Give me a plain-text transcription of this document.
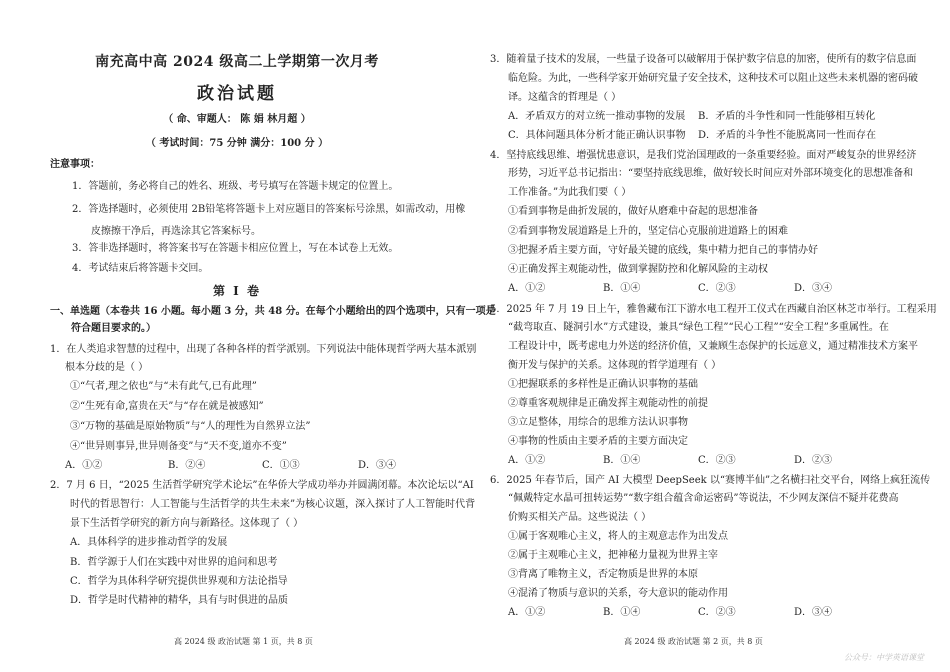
南充高中高 2024 级高二上学期第一次月考
政治试题
（ 命、审题人： 陈 娟 林月超 ）
（ 考试时间：75 分钟 满分：100 分 ）
注意事项：
1．答题前，务必将自己的姓名、班级、考号填写在答题卡规定的位置上。
2．答选择题时，必须使用 2B铅笔将答题卡上对应题目的答案标号涂黑，如需改动，用橡
皮擦擦干净后，再选涂其它答案标号。
3．答非选择题时，将答案书写在答题卡相应位置上，写在本试卷上无效。
4．考试结束后将答题卡交回。
第 Ⅰ 卷
一、单选题（本卷共 16 小题。每小题 3 分，共 48 分。在每个小题给出的四个选项中，只有一项是
符合题目要求的。）
1．在人类追求智慧的过程中，出现了各种各样的哲学派别。下列说法中能体现哲学两大基本派别
根本分歧的是（ ）
①“气者,理之依也”与“未有此气,已有此理”
②“生死有命,富贵在天”与“存在就是被感知”
③“万物的基础是原始物质”与“人的理性为自然界立法”
④“世异则事异,世异则备变”与“天不变,道亦不变”
A．①②	B．②④	C．①③	D．③④
2．7 月 6 日，“2025 生活哲学研究学术论坛”在华侨大学成功举办并圆满闭幕。本次论坛以“AI
时代的哲思智行：人工智能与生活哲学的共生未来”为核心议题，深入探讨了人工智能时代背
景下生活哲学研究的新方向与新路径。这体现了（ ）
A．具体科学的进步推动哲学的发展
B．哲学源于人们在实践中对世界的追问和思考
C．哲学为具体科学研究提供世界观和方法论指导
D．哲学是时代精神的精华，具有与时俱进的品质
高 2024 级 政治试题 第 1 页，共 8 页
3．随着量子技术的发展，一些量子设备可以破解用于保护数字信息的加密，使所有的数字信息面
临危险。为此，一些科学家开始研究量子安全技术，这种技术可以阻止这些未来机器的密码破
译。这蕴含的哲理是（ ）
A．矛盾双方的对立统一推动事物的发展 B．矛盾的斗争性和同一性能够相互转化
C．具体问题具体分析才能正确认识事物 D．矛盾的斗争性不能脱离同一性而存在
4．坚持底线思维、增强忧患意识，是我们党治国理政的一条重要经验。面对严峻复杂的世界经济
形势，习近平总书记指出：“要坚持底线思维，做好较长时间应对外部环境变化的思想准备和
工作准备。”为此我们要（ ）
①看到事物是曲折发展的，做好从磨难中奋起的思想准备
②看到事物发展道路是上升的，坚定信心克服前进道路上的困难
③把握矛盾主要方面，守好最关键的底线，集中精力把自己的事情办好
④正确发挥主观能动性，做到掌握防控和化解风险的主动权
A．①②	B．①④	C．②③	D．③④
5．2025 年 7 月 19 日上午，雅鲁藏布江下游水电工程开工仪式在西藏自治区林芝市举行。工程采用
“截弯取直、隧洞引水”方式建设，兼具“绿色工程”“民心工程”“安全工程”多重属性。在
工程设计中，既考虑电力外送的经济价值，又兼顾生态保护的长远意义，通过精准技术方案平
衡开发与保护的关系。这体现的哲学道理有（ ）
①把握联系的多样性是正确认识事物的基础
②尊重客观规律是正确发挥主观能动性的前提
③立足整体，用综合的思维方法认识事物
④事物的性质由主要矛盾的主要方面决定
A．①②	B．①④	C．②③	D．②③
6．2025 年春节后，国产 AI 大模型 DeepSeek 以“赛博半仙”之名横扫社交平台，网络上疯狂流传
“佩戴特定水晶可扭转运势”“数字组合蕴含命运密码”等说法，不少网友深信不疑并花费高
价购买相关产品。这些说法（ ）
①属于客观唯心主义，将人的主观意志作为出发点
②属于主观唯心主义，把神秘力量视为世界主宰
③背离了唯物主义，否定物质是世界的本原
④混淆了物质与意识的关系，夸大意识的能动作用
A．①②	B．①④	C．②③	D．③④
高 2024 级 政治试题 第 2 页，共 8 页
公众号：中学英语课堂
